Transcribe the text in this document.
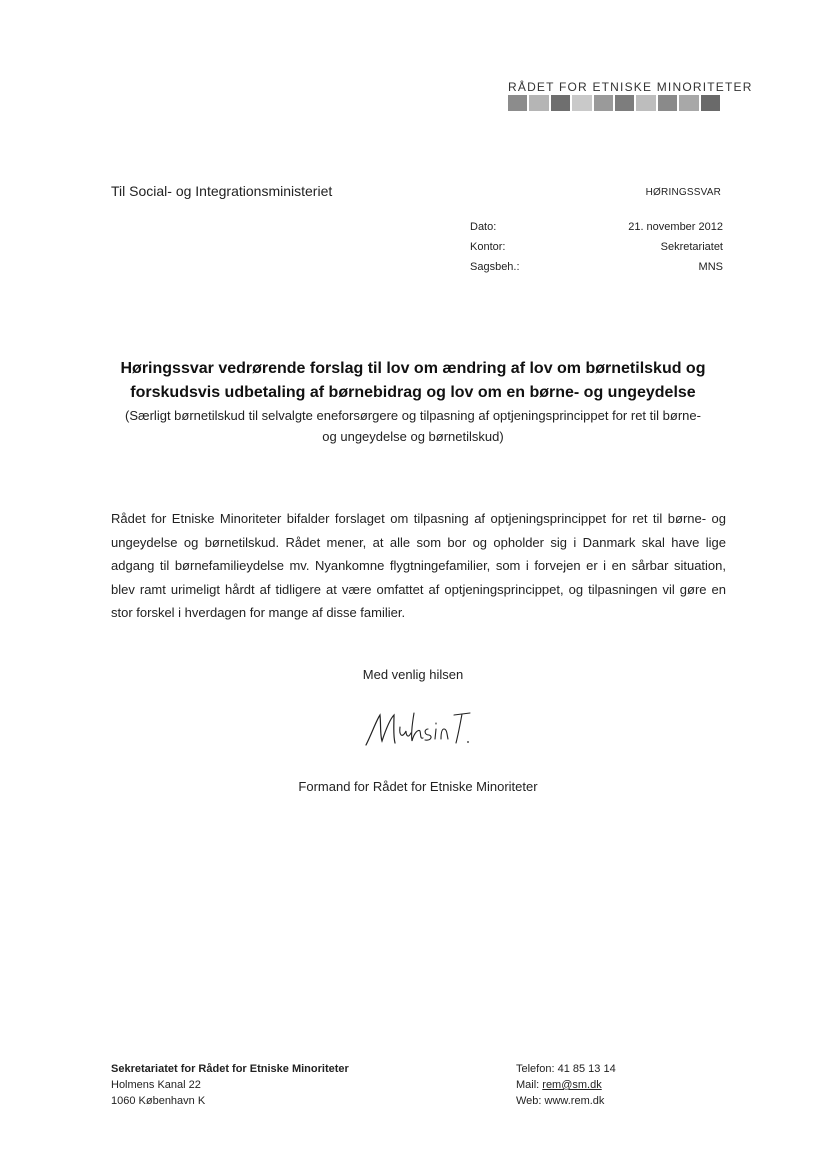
RÅDET FOR ETNISKE MINORITETER
Til Social- og Integrationsministeriet	HØRINGSSVAR
Dato:	21. november 2012
Kontor:	Sekretariatet
Sagsbeh.:	MNS

Høringssvar vedrørende forslag til lov om ændring af lov om børnetilskud og

forskudsvis udbetaling af børnebidrag og lov om en børne- og ungeydelse

(Særligt børnetilskud til selvalgte eneforsørgere og tilpasning af optjeningsprincippet for ret til børne-

og ungeydelse og børnetilskud)

Rådet for Etniske Minoriteter bifalder forslaget om tilpasning af optjeningsprincippet for ret til børne- og ungeydelse og børnetilskud. Rådet mener, at alle som bor og opholder sig i Danmark skal have lige adgang til børnefamilieydelse mv. Nyankomne flygtningefamilier, som i forvejen er i en sårbar situation, blev ramt urimeligt hårdt af tidligere at være omfattet af optjeningsprincippet, og tilpasningen vil gøre en stor forskel i hverdagen for mange af disse familier.

Med venlig hilsen
Formand for Rådet for Etniske Minoriteter
Sekretariatet for Rådet for Etniske Minoriteter
Holmens Kanal 22
1060 København K
Telefon: 41 85 13 14
Mail: rem@sm.dk
Web: www.rem.dk
